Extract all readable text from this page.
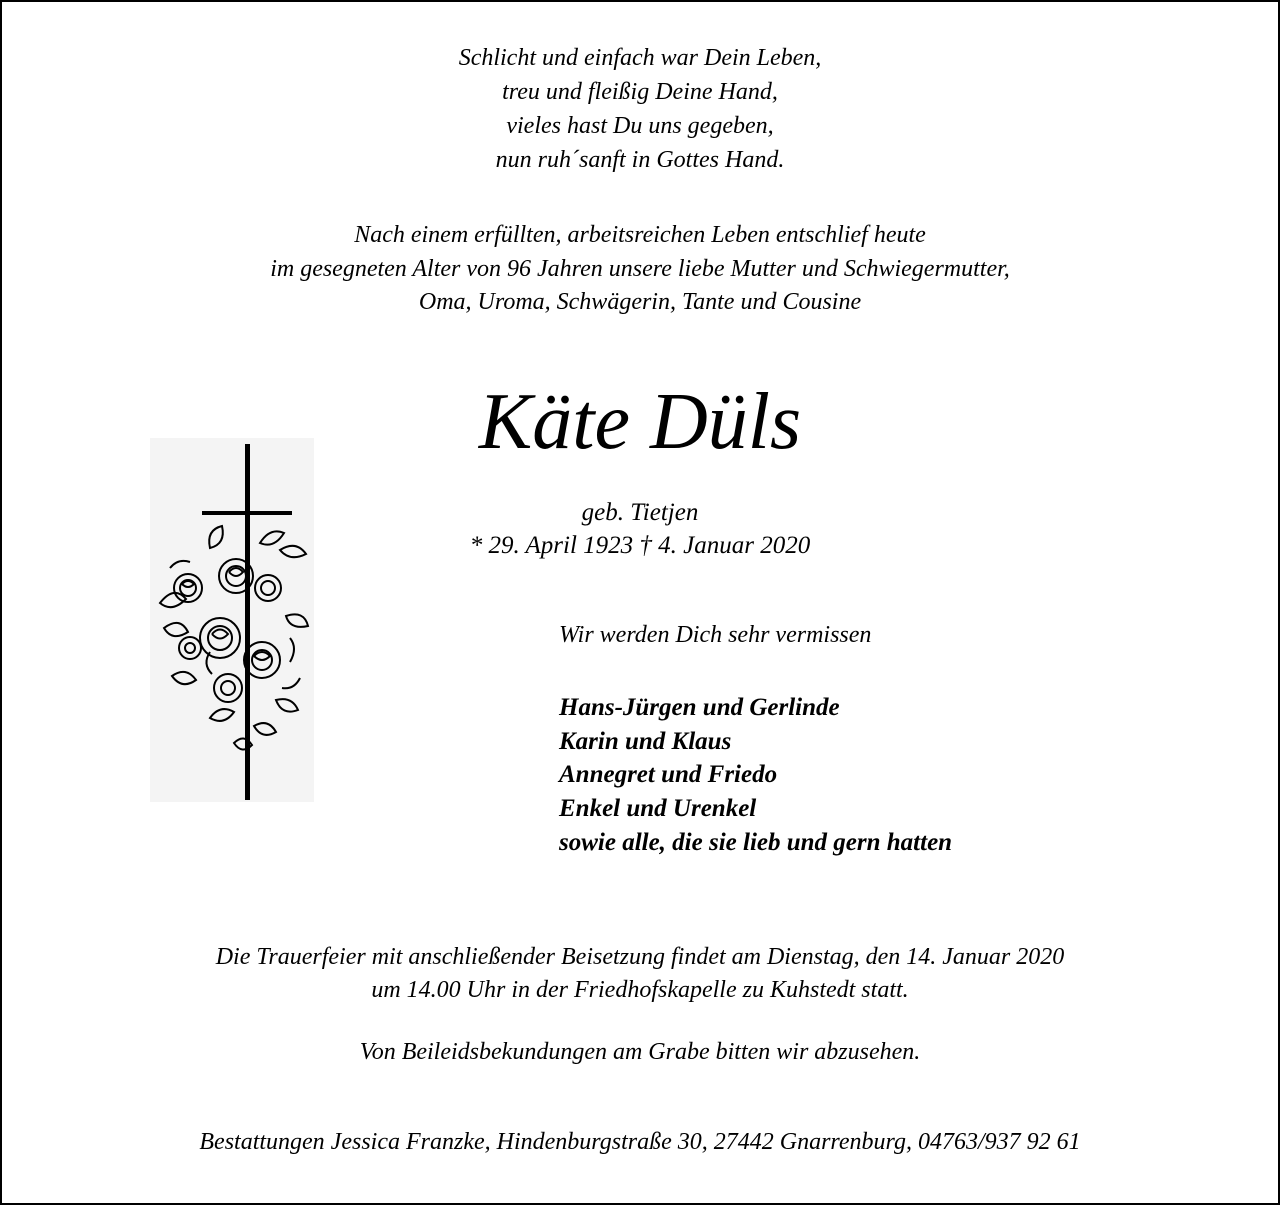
Schlicht und einfach war Dein Leben,
treu und fleißig Deine Hand,
vieles hast Du uns gegeben,
nun ruh´sanft in Gottes Hand.
Nach einem erfüllten, arbeitsreichen Leben entschlief heute
im gesegneten Alter von 96 Jahren unsere liebe Mutter und Schwiegermutter,
Oma, Uroma, Schwägerin, Tante und Cousine
Käte Düls
geb. Tietjen
* 29. April 1923 † 4. Januar 2020
Wir werden Dich sehr vermissen
Hans-Jürgen und Gerlinde
Karin und Klaus
Annegret und Friedo
Enkel und Urenkel
sowie alle, die sie lieb und gern hatten
Die Trauerfeier mit anschließender Beisetzung findet am Dienstag, den 14. Januar 2020
um 14.00 Uhr in der Friedhofskapelle zu Kuhstedt statt.
Von Beileidsbekundungen am Grabe bitten wir abzusehen.
Bestattungen Jessica Franzke, Hindenburgstraße 30, 27442 Gnarrenburg, 04763/937 92 61
